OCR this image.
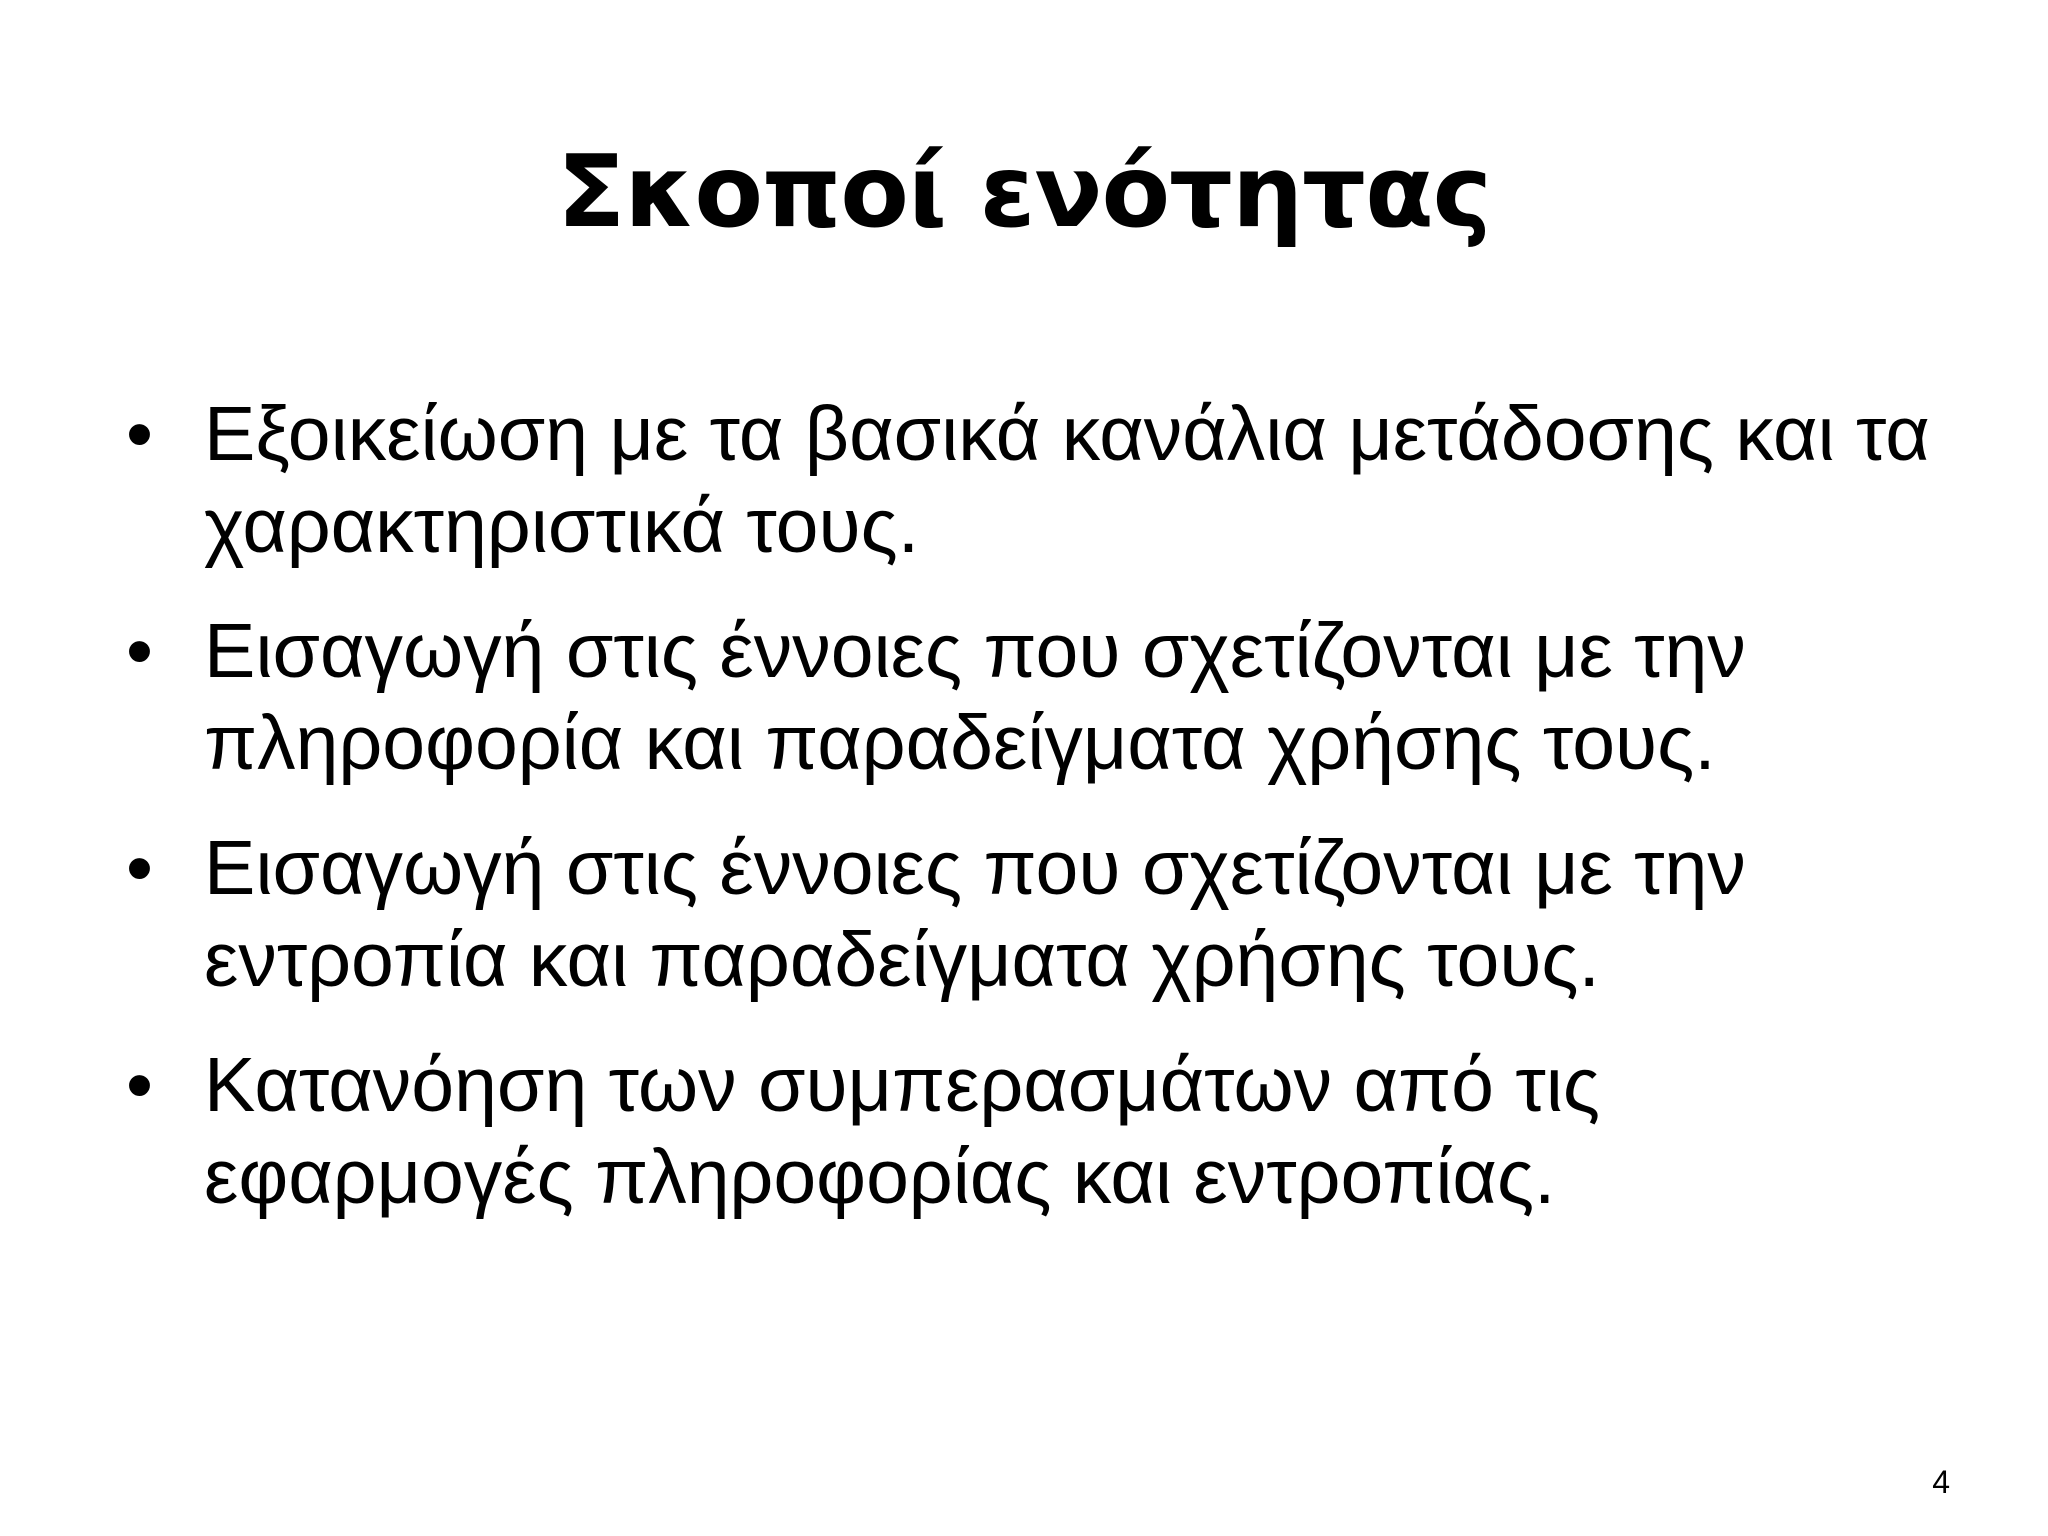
Σκοποί ενότητας
• Εξοικείωση με τα βασικά κανάλια μετάδοσης και τα χαρακτηριστικά τους.
• Εισαγωγή στις έννοιες που σχετίζονται με την πληροφορία και παραδείγματα χρήσης τους.
• Εισαγωγή στις έννοιες που σχετίζονται με την εντροπία και παραδείγματα χρήσης τους.
• Κατανόηση των συμπερασμάτων από τις εφαρμογές πληροφορίας και εντροπίας.
4
